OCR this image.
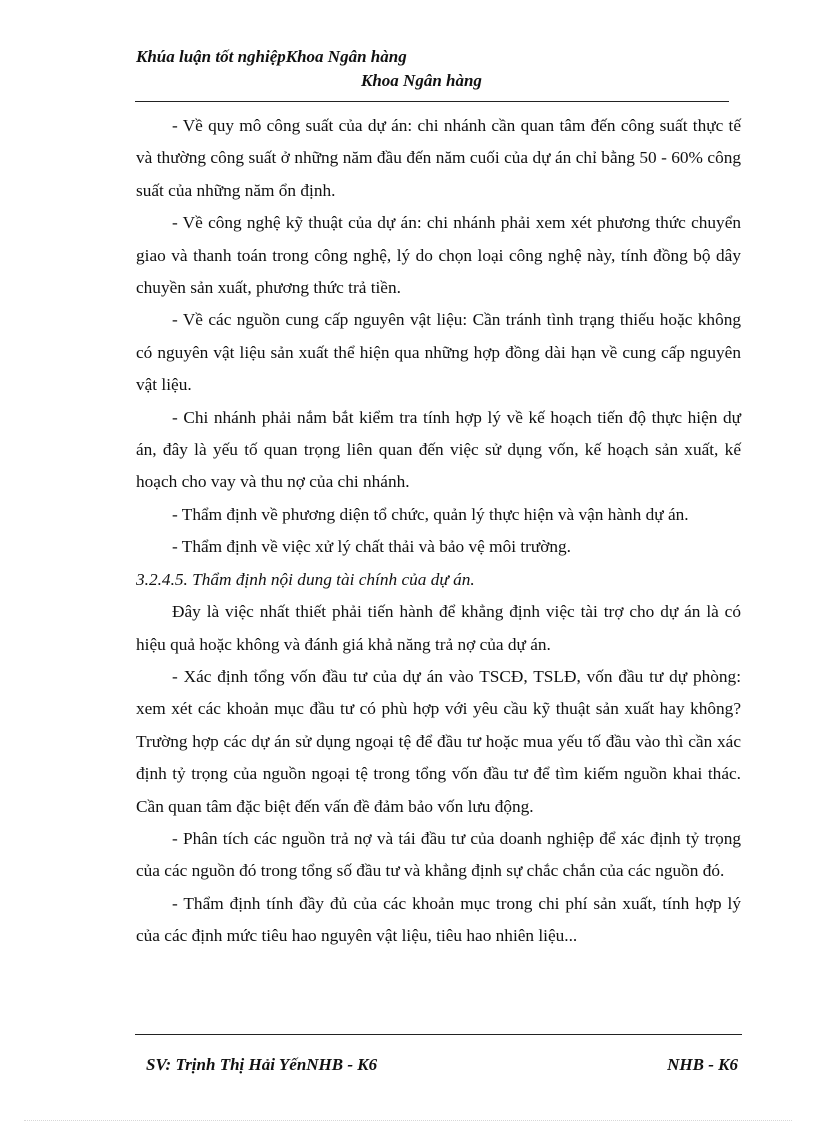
Khúa luận tốt nghiệpKhoa Ngân hàng
Khoa Ngân hàng

- Về quy mô công suất của dự án: chi nhánh cần quan tâm đến công suất thực tế và thường công suất ở những năm đầu đến năm cuối của dự án chỉ bằng 50 - 60% công suất của những năm ổn định.

- Về công nghệ kỹ thuật của dự án: chi nhánh phải xem xét phương thức chuyển giao và thanh toán trong công nghệ, lý do chọn loại công nghệ này, tính đồng bộ dây chuyền sản xuất, phương thức trả tiền.

- Về các nguồn cung cấp nguyên vật liệu: Cần tránh tình trạng thiếu hoặc không có nguyên vật liệu sản xuất thể hiện qua những hợp đồng dài hạn về cung cấp nguyên vật liệu.

- Chi nhánh phải nắm bắt kiểm tra tính hợp lý về kế hoạch tiến độ thực hiện dự án, đây là yếu tố quan trọng liên quan đến việc sử dụng vốn, kế hoạch sản xuất, kế hoạch cho vay và thu nợ của chi nhánh.

- Thẩm định về phương diện tổ chức, quản lý thực hiện và vận hành dự án.

- Thẩm định về việc xử lý chất thải và bảo vệ môi trường.

3.2.4.5. Thẩm định nội dung tài chính của dự án.

Đây là việc nhất thiết phải tiến hành để khẳng định việc tài trợ cho dự án là có hiệu quả hoặc không và đánh giá khả năng trả nợ của dự án.

- Xác định tổng vốn đầu tư của dự án vào TSCĐ, TSLĐ, vốn đầu tư dự phòng: xem xét các khoản mục đầu tư có phù hợp với yêu cầu kỹ thuật sản xuất hay không? Trường hợp các dự án sử dụng ngoại tệ để đầu tư hoặc mua yếu tố đầu vào thì cần xác định tỷ trọng của nguồn ngoại tệ trong tổng vốn đầu tư để tìm kiếm nguồn khai thác. Cần quan tâm đặc biệt đến vấn đề đảm bảo vốn lưu động.

- Phân tích các nguồn trả nợ và tái đầu tư của doanh nghiệp để xác định tỷ trọng của các nguồn đó trong tổng số đầu tư và khẳng định sự chắc chắn của các nguồn đó.

- Thẩm định tính đầy đủ của các khoản mục trong chi phí sản xuất, tính hợp lý của các định mức tiêu hao nguyên vật liệu, tiêu hao nhiên liệu...

SV: Trịnh Thị Hải YếnNHB - K6	NHB - K6
